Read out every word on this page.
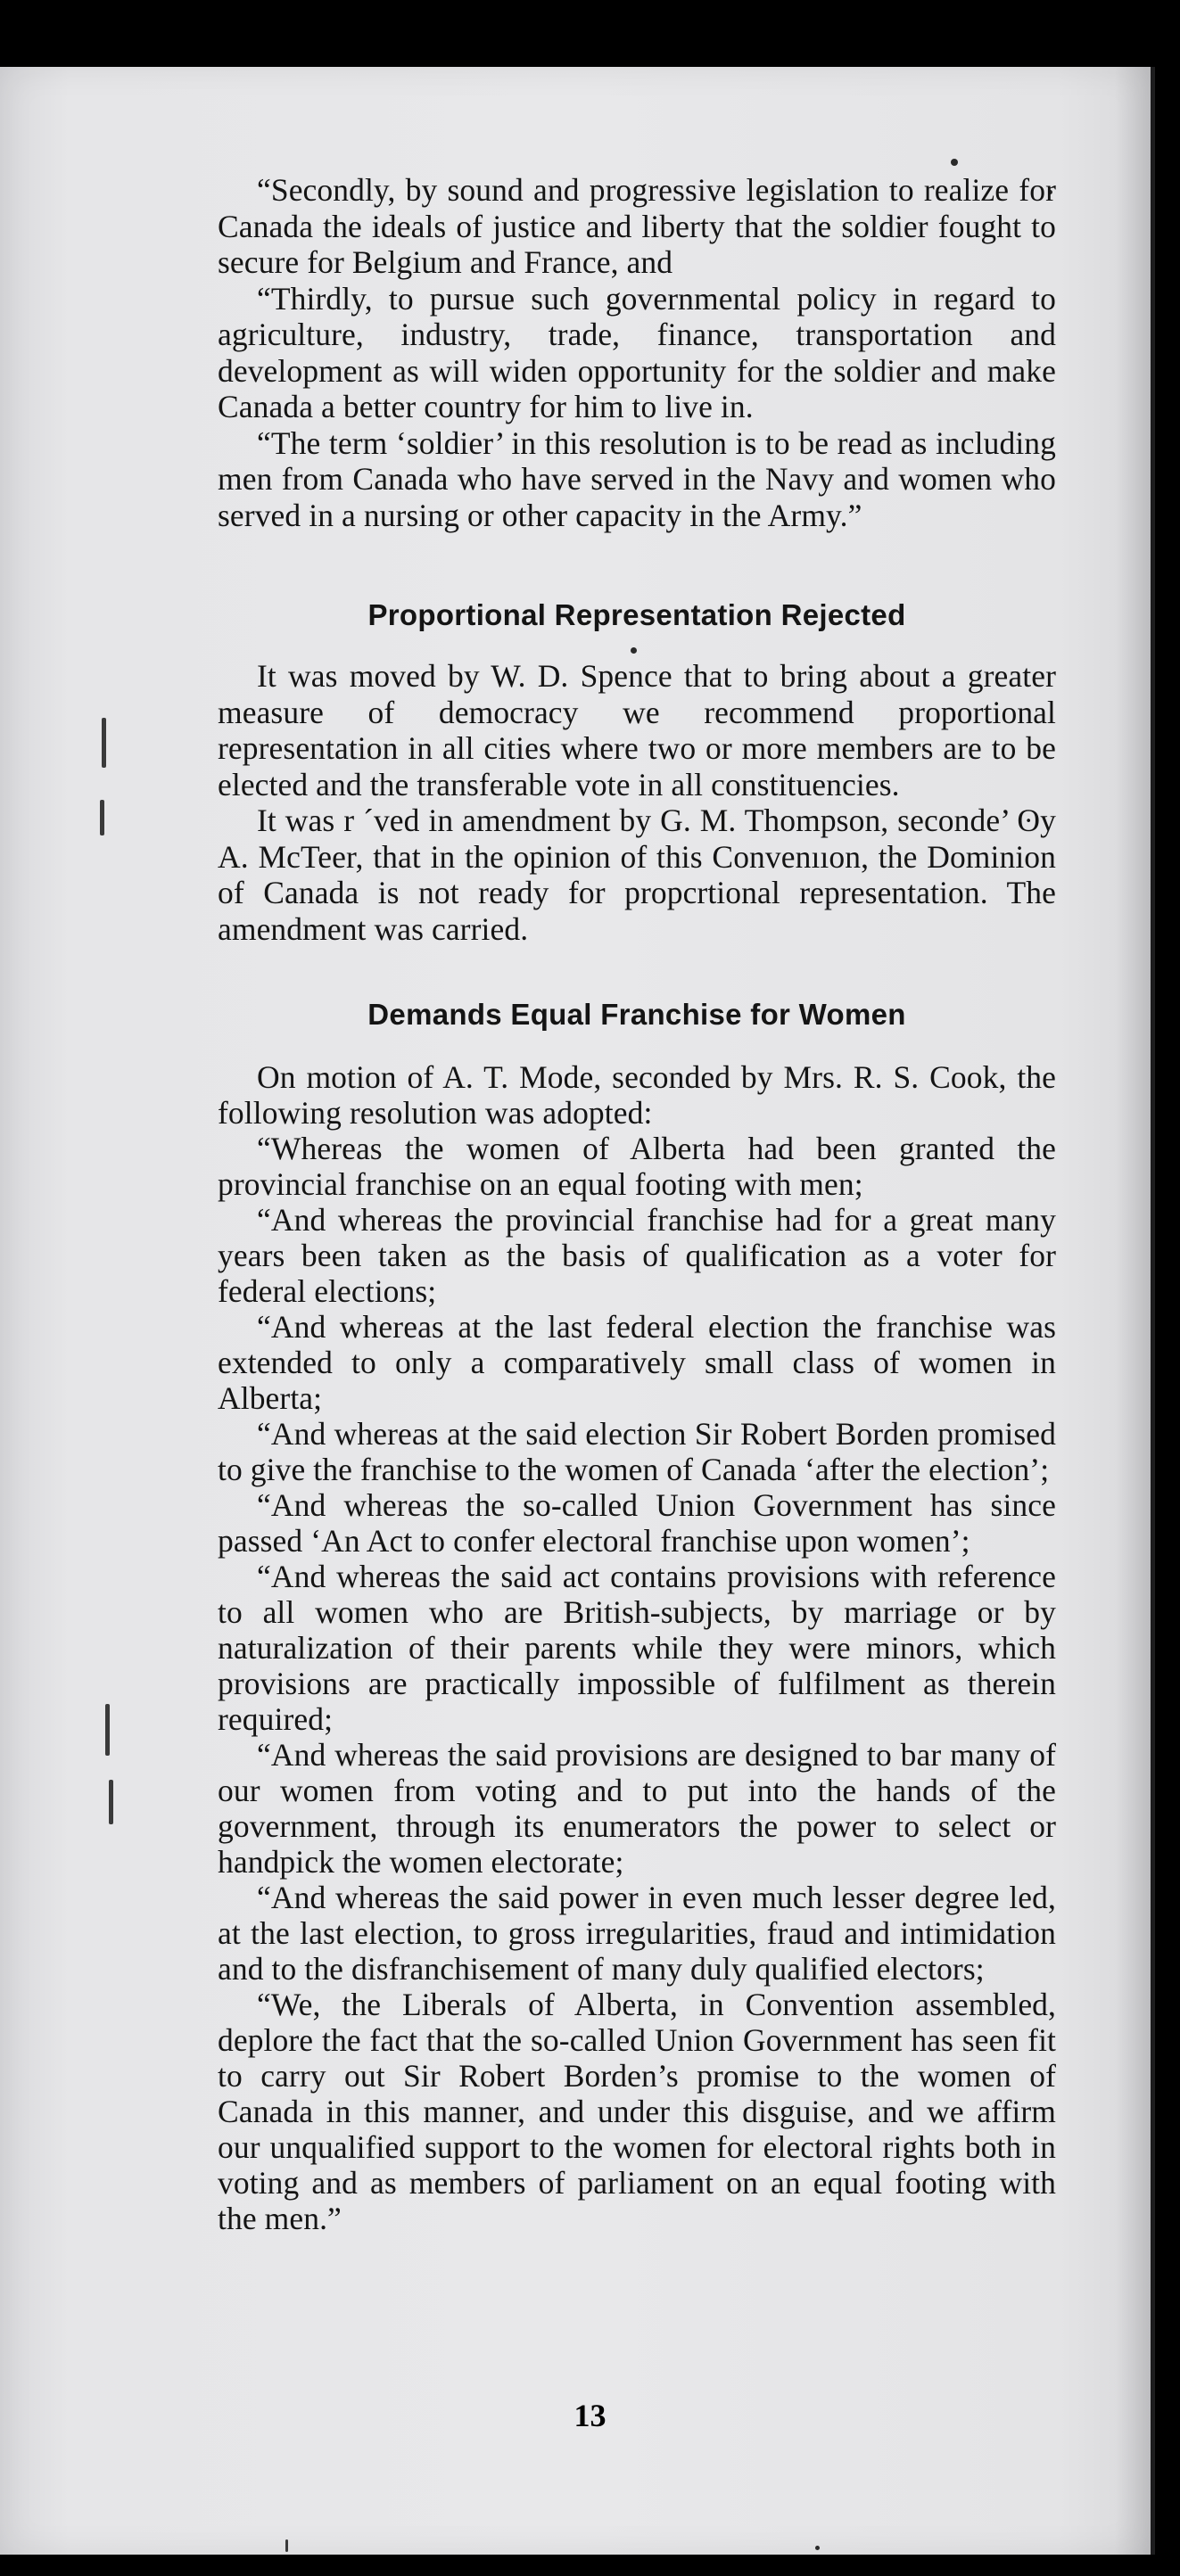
“Secondly, by sound and progressive legislation to realize for Canada the ideals of justice and liberty that the soldier fought to secure for Belgium and France, and

“Thirdly, to pursue such governmental policy in regard to agriculture, industry, trade, finance, transportation and development as will widen opportunity for the soldier and make Canada a better country for him to live in.

“The term ‘soldier’ in this resolution is to be read as including men from Canada who have served in the Navy and women who served in a nursing or other capacity in the Army.”

Proportional Representation Rejected

It was moved by W. D. Spence that to bring about a greater measure of democracy we recommend proportional representation in all cities where two or more members are to be elected and the transferable vote in all constituencies.

It was r ´ved in amendment by G. M. Thompson, seconde’ ʘy A. McTeer, that in the opinion of this Convenııon, the Dominion of Canada is not ready for propcrtional representation. The amendment was carried.

Demands Equal Franchise for Women

On motion of A. T. Mode, seconded by Mrs. R. S. Cook, the following resolution was adopted:

“Whereas the women of Alberta had been granted the provincial franchise on an equal footing with men;

“And whereas the provincial franchise had for a great many years been taken as the basis of qualification as a voter for federal elections;

“And whereas at the last federal election the franchise was extended to only a comparatively small class of women in Alberta;

“And whereas at the said election Sir Robert Borden promised to give the franchise to the women of Canada ‘after the election’;

“And whereas the so-called Union Government has since passed ‘An Act to confer electoral franchise upon women’;

“And whereas the said act contains provisions with reference to all women who are British-subjects, by marriage or by naturalization of their parents while they were minors, which provisions are practically impossible of fulfilment as therein required;

“And whereas the said provisions are designed to bar many of our women from voting and to put into the hands of the government, through its enumerators the power to select or handpick the women electorate;

“And whereas the said power in even much lesser degree led, at the last election, to gross irregularities, fraud and intimidation and to the disfranchisement of many duly qualified electors;

“We, the Liberals of Alberta, in Convention assembled, deplore the fact that the so-called Union Government has seen fit to carry out Sir Robert Borden’s promise to the women of Canada in this manner, and under this disguise, and we affirm our unqualified support to the women for electoral rights both in voting and as members of parliament on an equal footing with the men.”

13
